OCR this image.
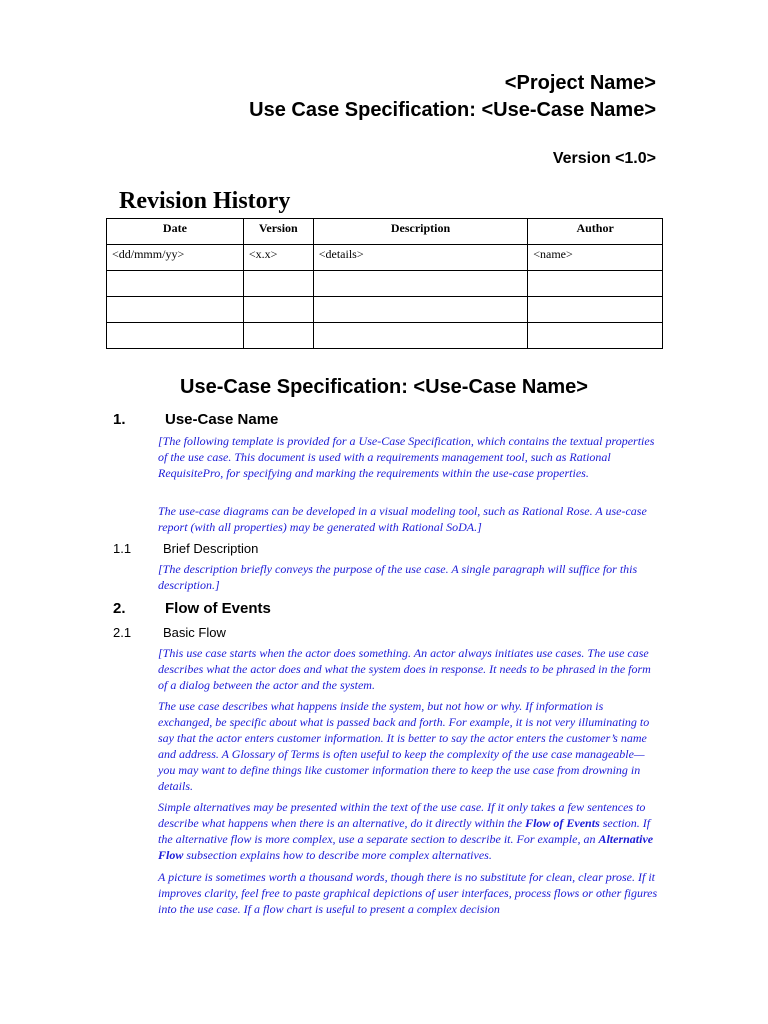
<Project Name>
Use Case Specification: <Use-Case Name>
Version <1.0>
Revision History
Date	Version	Description	Author
<dd/mmm/yy>	<x.x>	<details>	<name>

Use-Case Specification: <Use-Case Name>
1.	Use-Case Name
[The following template is provided for a Use-Case Specification, which contains the textual properties of the use case. This document is used with a requirements management tool, such as Rational RequisitePro, for specifying and marking the requirements within the use-case properties.
The use-case diagrams can be developed in a visual modeling tool, such as Rational Rose. A use-case report (with all properties) may be generated with Rational SoDA.]
1.1 Brief Description
[The description briefly conveys the purpose of the use case. A single paragraph will suffice for this description.]
2.	Flow of Events
2.1 Basic Flow
[This use case starts when the actor does something. An actor always initiates use cases. The use case describes what the actor does and what the system does in response. It needs to be phrased in the form of a dialog between the actor and the system.
The use case describes what happens inside the system, but not how or why. If information is exchanged, be specific about what is passed back and forth. For example, it is not very illuminating to say that the actor enters customer information. It is better to say the actor enters the customer’s name and address. A Glossary of Terms is often useful to keep the complexity of the use case manageable—you may want to define things like customer information there to keep the use case from drowning in details.
Simple alternatives may be presented within the text of the use case. If it only takes a few sentences to describe what happens when there is an alternative, do it directly within the Flow of Events section. If the alternative flow is more complex, use a separate section to describe it. For example, an Alternative Flow subsection explains how to describe more complex alternatives.
A picture is sometimes worth a thousand words, though there is no substitute for clean, clear prose. If it improves clarity, feel free to paste graphical depictions of user interfaces, process flows or other figures into the use case. If a flow chart is useful to present a complex decision
